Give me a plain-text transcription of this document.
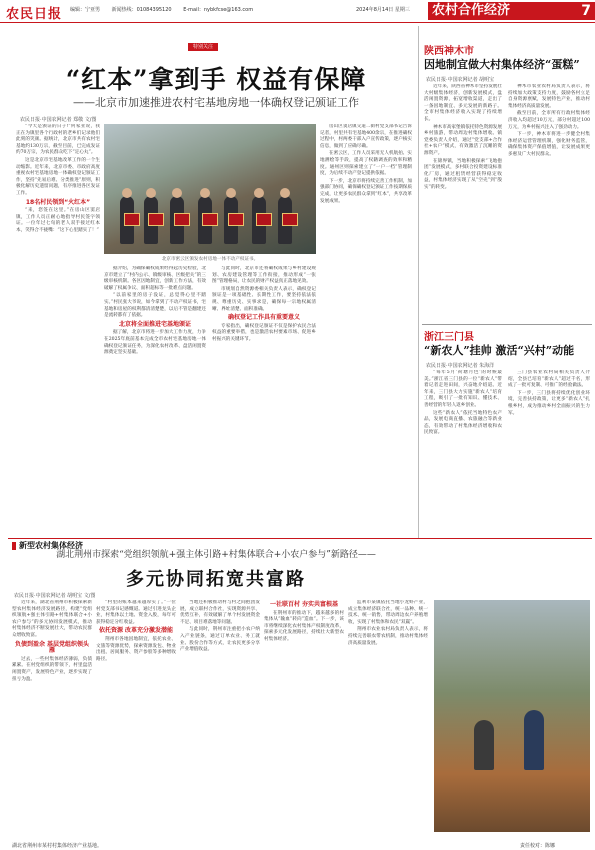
农民日报 编辑：宁亚男 新闻热线：01084395120 E-mail：nybkfcse@163.com	2024年8月14日 星期三	农村合作经济	7
特别关注
“红本”拿到手 权益有保障
——北京市加速推进农村宅基地房地一体确权登记颁证工作
农民日报·中国农网记者 郑敬 文/图

“今天是颁证的日子!”何家亚说，我正在为镇里各个行政村的老乡们记录他们此刻的笑颜。据统计，北京市共有农村宅基地约130万宗，截至目前，已完成发证约70万宗，为农民群众吃下“定心丸”。

这是北京市宅基地改革工作的一个生动缩影。近年来，北京市委、市政府高度重视农村宅基地房地一体确权登记颁证工作，坚持“先易后难、分类推进”原则，积极化解历史遗留问题，有序推进各区发证工作。

18名村民领到“火红本”

“来，您签在这里。”在房山区窦店镇，工作人员正耐心地指导村民签字领证。一位年过七旬的老人双手接过红本本，笑得合不拢嘴：“这下心里踏实了！”

北京市密云区颁发农村房地一体不动产权证书。

据介绍，为确保确权成果经得起历史检验，北京市建立了“村内公示、镇级审核、区级把关”的三级审核机制。各区因地制宜，创新工作方法，有效破解了权属争议、面积超标等一批难点问题。

“以前家里的房子没证，总觉得心里不踏实。”村民张大爷说，如今拿到了不动产权证书，宅基地和房屋的权利都清清楚楚，以后不管是翻建还是流转都有了依据。

北京将全面推进宅基地颁证

据了解，北京市将进一步加大工作力度，力争在2025年底前基本完成全市农村宅基地房地一体确权登记颁证任务，为深化农村改革、盘活闲置资源奠定坚实基础。

与此同时，北京市还将确权成果与乡村建设规划、农房建设管理等工作衔接，推动形成“一张图”管理格局，让农民的财产权益真正落地见效。

市规划自然资源委相关负责人表示，确权登记颁证是一项基础性、长期性工作，要坚持依法依规、尊重历史、实事求是，确保每一宗地权属清晰、界址清楚、面积准确。

确权登记工作具有重要意义

专家指出，确权登记颁证不仅是保护农民合法权益的重要举措，也是激活农村要素市场、促进乡村振兴的关键环节。

房山区窦店镇交道二街村党支部书记告诉记者，村里共有宅基地400余宗，在推进确权过程中，村两委干部入户宣传政策，逐户核实信息，做到了应确尽确。

在密云区，工作人员采用无人机航拍、实地测绘等手段，提高了权籍调查的效率和精度。通州区则探索建立了“一户一档”管理制度，为后续不动产登记提供依据。

下一步，北京市将持续完善工作机制，加强部门协同，确保确权登记颁证工作按期保质完成，让更多农民群众拿到“红本”，共享改革发展成果。

陕西神木市
因地制宜做大村集体经济“蛋糕”
农民日报·中国农网记者 胡明宝

近年来，陕西省神木市坚持发展壮大村级集体经济，创新发展模式，盘活闲置资源，拓宽增收渠道，走出了一条因地制宜、多元发展的新路子。全市村集体经济收入实现了持续增长。

神木市高家堡镇依托特色资源发展乡村旅游，带动周边村集体增收。镇党委负责人介绍，通过“党支部+合作社+农户”模式，有效激活了沉睡的资源资产。

在锦界镇，当地积极探索“飞地抱团”发展模式，多村联合投资建设标准化厂房，通过租赁经营获得稳定收益，村集体经济实现了从“空壳”到“殷实”的转变。

神木市农业农村局负责人表示，将持续加大政策支持力度，鼓励各村立足自身资源禀赋，发展特色产业，推动村集体经济高质量发展。

截至目前，全市所有行政村集体经济收入均超过10万元，部分村超过100万元，为乡村振兴注入了强劲动力。

下一步，神木市将进一步健全村集体经济运营管理机制，强化财务监管，确保集体资产保值增值，让发展成果更多惠及广大村民群众。

浙江三门县
“新农人”挂帅 激活“兴村”动能
农民日报·中国农网记者 朱海洋

“每年5月‘荷塘月色’的时候最美。”浙江省三门县的一位“新农人”带着记者走进田间，兴奋地介绍道。近年来，三门县大力实施“新农人”培育工程，吸引了一批有知识、懂技术、善经营的年轻人返乡创业。

这些“新农人”依托当地特色农产品，发展电商直播、农旅融合等新业态，有效带动了村集体经济增收和农民致富。

三门县农业农村局相关负责人介绍，全县已培育“新农人”超过千名，形成了一批可复制、可推广的经验做法。

下一步，三门县将持续优化创业环境，完善扶持政策，让更多“新农人”扎根乡村，成为推动乡村全面振兴的生力军。

新型农村集体经济
湖北荆州市探索“党组织领航+强主体引路+村集体联合+小农户参与”新路径——
多元协同拓宽共富路
农民日报·中国农网记者 胡明宝 文/图

近年来，湖北省荆州市积极探索新型农村集体经济发展路径，构建“党组织领航+强主体引路+村集体联合+小农户参与”的多元协同发展模式，推动村集体经济不断发展壮大，带动农民群众增收致富。

负债到盈余 基层党组织领头雁

过去，一些村集体经济薄弱，负债累累。在村党组织的带领下，村里盘活闲置资产，发展特色产业，逐步实现了扭亏为盈。

“村里的账本越来越厚实了。”一位村党支部书记感慨道。通过引进龙头企业，村集体以土地、资金入股，每年可获得稳定分红收益。

依托资源 改革充分激发潜能

荆州市各地因地制宜，依托农业、文旅等资源优势，探索资源发包、物业出租、居间服务、资产参股等多种增收路径。

当地还积极推动村与村之间抱团发展，成立联村合作社，实现资源共享、优势互补，有效破解了单个村发展资金不足、项目难落地等问题。

与此同时，荆州市注重把小农户纳入产业链条，通过订单农业、务工就业、股份合作等方式，让农民更多分享产业增值收益。

一社联百村 夯实共富根基

在荆州市的推动下，越来越多的村集体从“输血”转向“造血”。下一步，该市将继续深化农村集体产权制度改革，探索多元化发展路径，持续壮大新型农村集体经济。

监利市某镇依托当地小龙虾产业，成立集体经济联合社，统一品种、统一技术、统一销售，带动周边农户养殖增收，实现了村集体和农民“双赢”。

荆州市农业农村局负责人表示，将持续完善联农带农机制，推动村集体经济高质量发展。

湖北省荆州市某村村集体经济产业基地。	责任校对：陈娜
